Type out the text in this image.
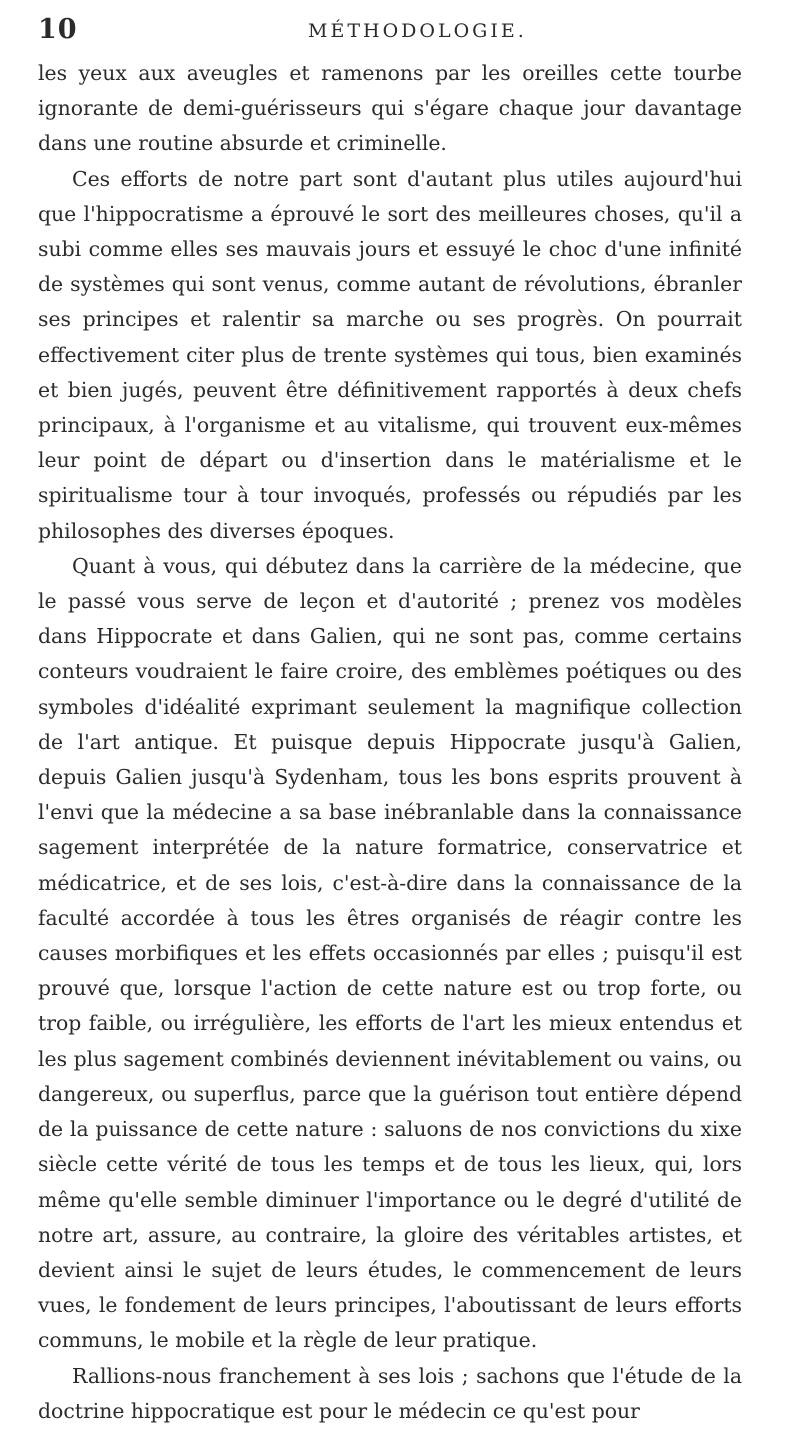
10	MÉTHODOLOGIE.

les yeux aux aveugles et ramenons par les oreilles cette tourbe ignorante de demi-guérisseurs qui s'égare chaque jour davantage dans une routine absurde et criminelle.

Ces efforts de notre part sont d'autant plus utiles aujourd'hui que l'hippocratisme a éprouvé le sort des meilleures choses, qu'il a subi comme elles ses mauvais jours et essuyé le choc d'une infinité de systèmes qui sont venus, comme autant de révolutions, ébranler ses principes et ralentir sa marche ou ses progrès. On pourrait effectivement citer plus de trente systèmes qui tous, bien examinés et bien jugés, peuvent être définitivement rapportés à deux chefs principaux, à l'organisme et au vitalisme, qui trouvent eux-mêmes leur point de départ ou d'insertion dans le matérialisme et le spiritualisme tour à tour invoqués, professés ou répudiés par les philosophes des diverses époques.

Quant à vous, qui débutez dans la carrière de la médecine, que le passé vous serve de leçon et d'autorité ; prenez vos modèles dans Hippocrate et dans Galien, qui ne sont pas, comme certains conteurs voudraient le faire croire, des emblèmes poétiques ou des symboles d'idéalité exprimant seulement la magnifique collection de l'art antique. Et puisque depuis Hippocrate jusqu'à Galien, depuis Galien jusqu'à Sydenham, tous les bons esprits prouvent à l'envi que la médecine a sa base inébranlable dans la connaissance sagement interprétée de la nature formatrice, conservatrice et médicatrice, et de ses lois, c'est-à-dire dans la connaissance de la faculté accordée à tous les êtres organisés de réagir contre les causes morbifiques et les effets occasionnés par elles ; puisqu'il est prouvé que, lorsque l'action de cette nature est ou trop forte, ou trop faible, ou irrégulière, les efforts de l'art les mieux entendus et les plus sagement combinés deviennent inévitablement ou vains, ou dangereux, ou superflus, parce que la guérison tout entière dépend de la puissance de cette nature : saluons de nos convictions du xixe siècle cette vérité de tous les temps et de tous les lieux, qui, lors même qu'elle semble diminuer l'importance ou le degré d'utilité de notre art, assure, au contraire, la gloire des véritables artistes, et devient ainsi le sujet de leurs études, le commencement de leurs vues, le fondement de leurs principes, l'aboutissant de leurs efforts communs, le mobile et la règle de leur pratique.

Rallions-nous franchement à ses lois ; sachons que l'étude de la doctrine hippocratique est pour le médecin ce qu'est pour
